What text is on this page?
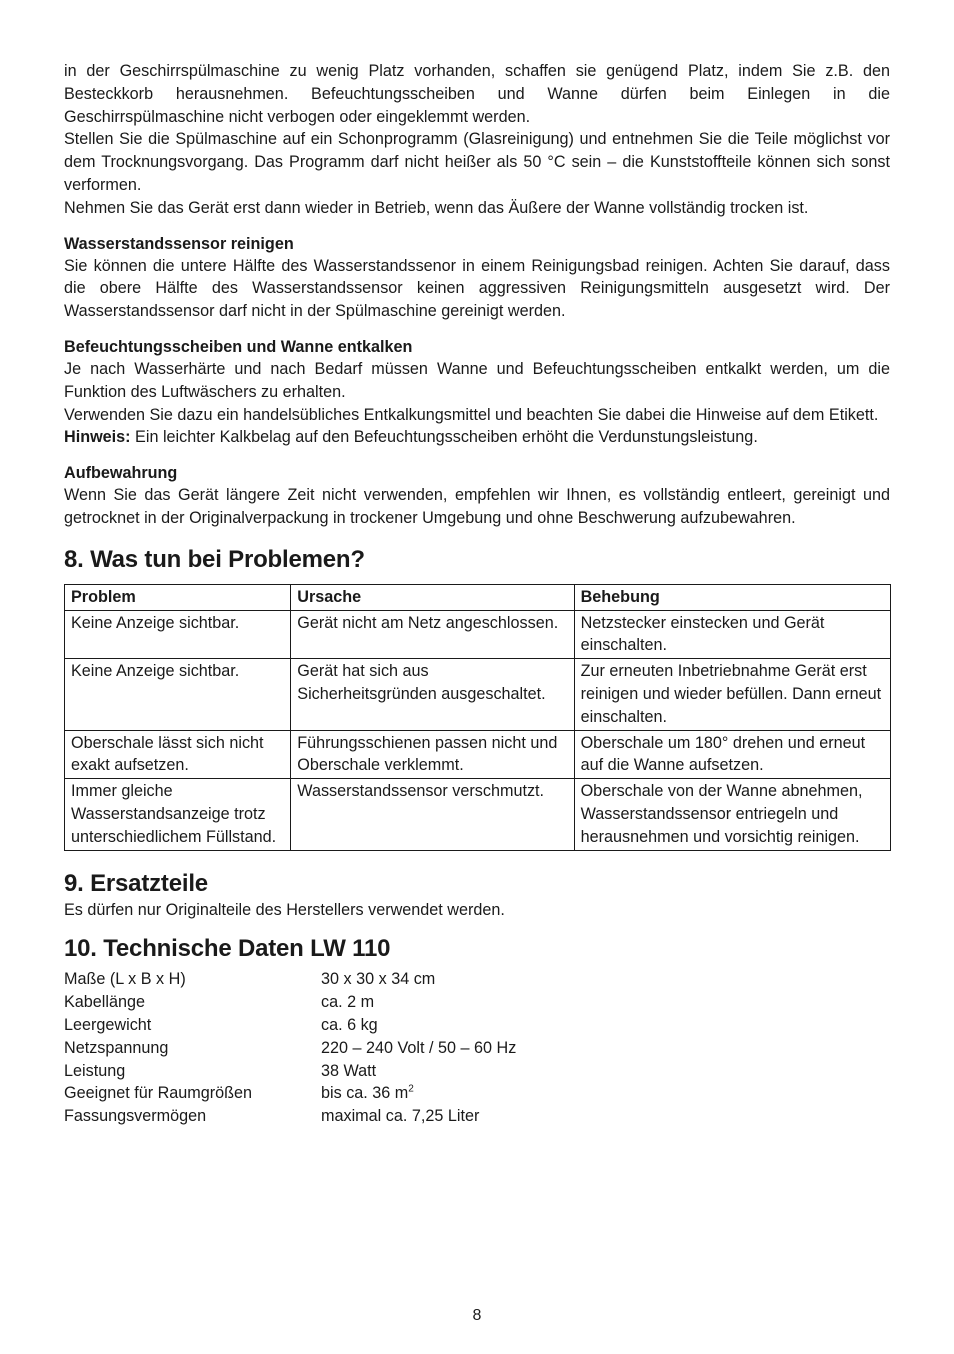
in der Geschirrspülmaschine zu wenig Platz vorhanden, schaffen sie genügend Platz, indem Sie z.B. den Besteckkorb herausnehmen. Befeuchtungsscheiben und Wanne dürfen beim Einlegen in die Geschirrspülmaschine nicht verbogen oder eingeklemmt werden.

Stellen Sie die Spülmaschine auf ein Schonprogramm (Glasreinigung) und entnehmen Sie die Teile möglichst vor dem Trocknungsvorgang. Das Programm darf nicht heißer als 50 °C sein – die Kunststoffteile können sich sonst verformen.

Nehmen Sie das Gerät erst dann wieder in Betrieb, wenn das Äußere der Wanne vollständig trocken ist.

Wasserstandssensor reinigen

Sie können die untere Hälfte des Wasserstandssenor in einem Reinigungsbad reinigen. Achten Sie darauf, dass die obere Hälfte des Wasserstandssensor keinen aggressiven Reinigungsmitteln ausgesetzt wird. Der Wasserstandssensor darf nicht in der Spülmaschine gereinigt werden.

Befeuchtungsscheiben und Wanne entkalken

Je nach Wasserhärte und nach Bedarf müssen Wanne und Befeuchtungsscheiben entkalkt werden, um die Funktion des Luftwäschers zu erhalten.

Verwenden Sie dazu ein handelsübliches Entkalkungsmittel und beachten Sie dabei die Hinweise auf dem Etikett.

Hinweis: Ein leichter Kalkbelag auf den Befeuchtungsscheiben erhöht die Verdunstungsleistung.

Aufbewahrung

Wenn Sie das Gerät längere Zeit nicht verwenden, empfehlen wir Ihnen, es vollständig entleert, gereinigt und getrocknet in der Originalverpackung in trockener Umgebung und ohne Beschwerung aufzubewahren.

8. Was tun bei Problemen?
Problem	Ursache	Behebung
Keine Anzeige sichtbar.	Gerät nicht am Netz angeschlossen.	Netzstecker einstecken und Gerät einschalten.
Keine Anzeige sichtbar.	Gerät hat sich aus Sicherheitsgründen ausgeschaltet.	Zur erneuten Inbetriebnahme Gerät erst reinigen und wieder befüllen. Dann erneut einschalten.
Oberschale lässt sich nicht exakt aufsetzen.	Führungsschienen passen nicht und Oberschale verklemmt.	Oberschale um 180° drehen und erneut auf die Wanne aufsetzen.
Immer gleiche Wasserstandsanzeige trotz unterschiedlichem Füllstand.	Wasserstandssensor verschmutzt.	Oberschale von der Wanne abnehmen, Wasserstandssensor entriegeln und herausnehmen und vorsichtig reinigen.
9. Ersatzteile

Es dürfen nur Originalteile des Herstellers verwendet werden.

10. Technische Daten LW 110
Maße (L x B x H)	30 x 30 x 34 cm
Kabellänge	ca. 2 m
Leergewicht	ca. 6 kg
Netzspannung	220 – 240 Volt / 50 – 60 Hz
Leistung	38 Watt
Geeignet für Raumgrößen	bis ca. 36 $m^2$
Fassungsvermögen	maximal ca. 7,25 Liter
8
